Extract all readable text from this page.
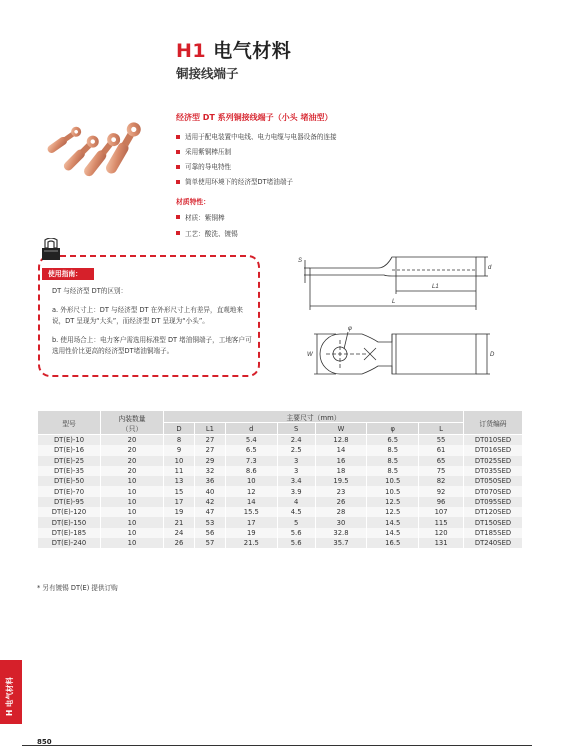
H1 电气材料
铜接线端子
经济型 DT 系列铜接线端子（小头 堵油型）
适用于配电装置中电线、电力电缆与电器设备的连接
采用紫铜棒压制
可靠的导电特性
简单使用环境下的经济型DT堵油端子
材质特性：
材质：紫铜棒
工艺：酸洗、镀锡
使用指南：

DT 与经济型 DT的区别：

a. 外形尺寸上：DT 与经济型 DT 在外形尺寸上有差异，直观地来说，DT 呈现为“大头”，而经济型 DT 呈现为“小头”。

b. 使用场合上：电力客户需选用标准型 DT 堵油铜端子，工地客户可选用性价比更高的经济型DT堵油铜端子。

S
d
L1
L
φ
W	D
型号	内装数量
（只）	主要尺寸（mm）							订货编码
		D	L1	d	S	W	φ	L	
DT(E)-10	20	8	27	5.4	2.4	12.8	6.5	55	DT010SED
DT(E)-16	20	9	27	6.5	2.5	14	8.5	61	DT016SED
DT(E)-25	20	10	29	7.3	3	16	8.5	65	DT025SED
DT(E)-35	20	11	32	8.6	3	18	8.5	75	DT035SED
DT(E)-50	10	13	36	10	3.4	19.5	10.5	82	DT050SED
DT(E)-70	10	15	40	12	3.9	23	10.5	92	DT070SED
DT(E)-95	10	17	42	14	4	26	12.5	96	DT095SED
DT(E)-120	10	19	47	15.5	4.5	28	12.5	107	DT120SED
DT(E)-150	10	21	53	17	5	30	14.5	115	DT150SED
DT(E)-185	10	24	56	19	5.6	32.8	14.5	120	DT185SED
DT(E)-240	10	26	57	21.5	5.6	35.7	16.5	131	DT240SED
* 另有镀锡 DT(E) 提供订购
H 电气材料
850
